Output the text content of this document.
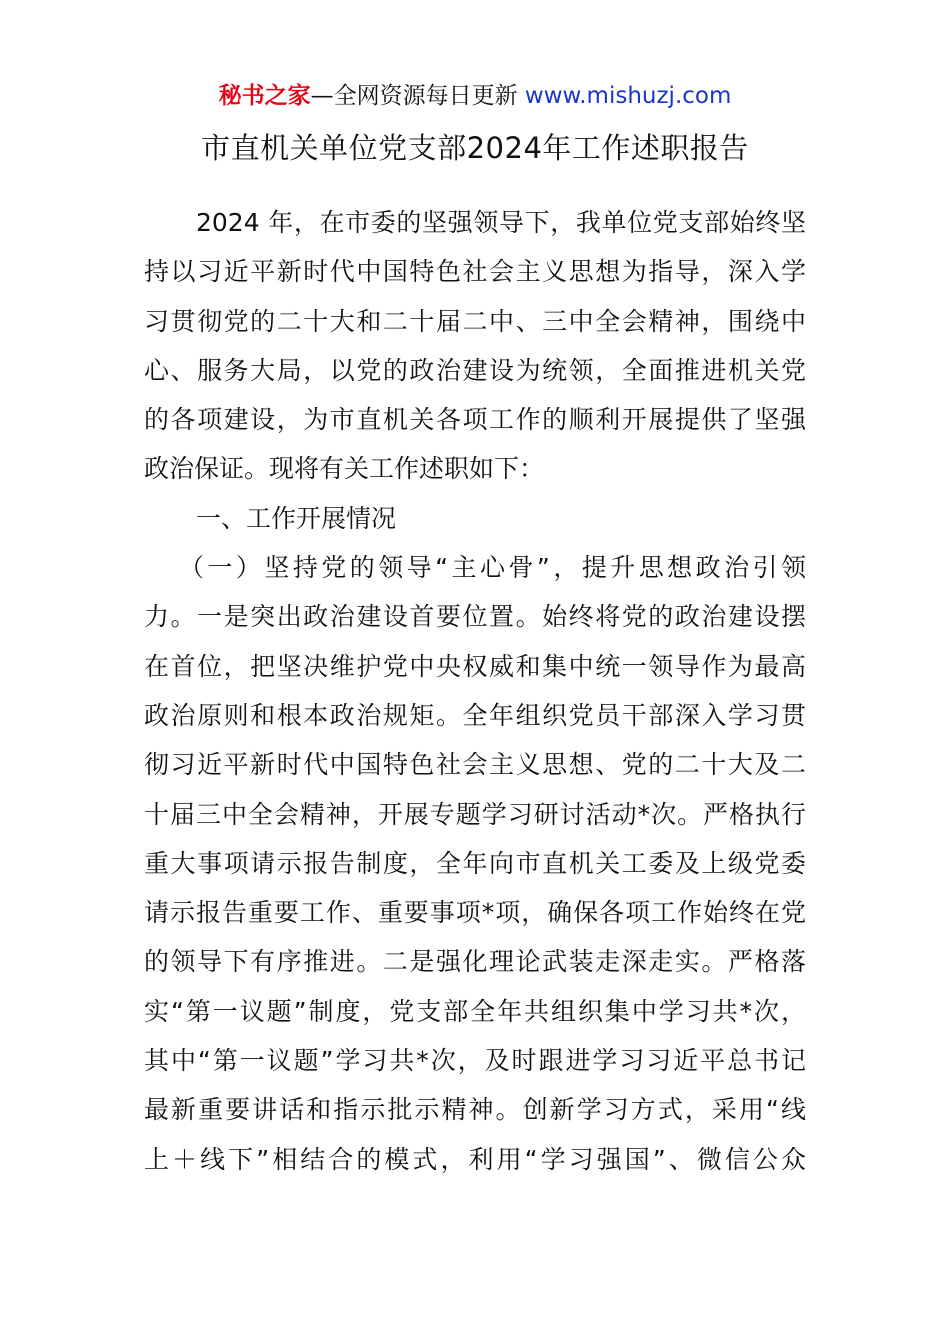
秘书之家—全网资源每日更新 www.mishuzj.com
市直机关单位党支部2024年工作述职报告
2024 年，在市委的坚强领导下，我单位党支部始终坚
持以习近平新时代中国特色社会主义思想为指导，深入学
习贯彻党的二十大和二十届二中、三中全会精神，围绕中
心、服务大局，以党的政治建设为统领，全面推进机关党
的各项建设，为市直机关各项工作的顺利开展提供了坚强
政治保证。现将有关工作述职如下：
一、工作开展情况
（一）坚持党的领导“主心骨”，提升思想政治引领
力。一是突出政治建设首要位置。始终将党的政治建设摆
在首位，把坚决维护党中央权威和集中统一领导作为最高
政治原则和根本政治规矩。全年组织党员干部深入学习贯
彻习近平新时代中国特色社会主义思想、党的二十大及二
十届三中全会精神，开展专题学习研讨活动*次。严格执行
重大事项请示报告制度，全年向市直机关工委及上级党委
请示报告重要工作、重要事项*项，确保各项工作始终在党
的领导下有序推进。二是强化理论武装走深走实。严格落
实“第一议题”制度，党支部全年共组织集中学习共*次，
其中“第一议题”学习共*次，及时跟进学习习近平总书记
最新重要讲话和指示批示精神。创新学习方式，采用“线
上＋线下”相结合的模式，利用“学习强国”、微信公众
